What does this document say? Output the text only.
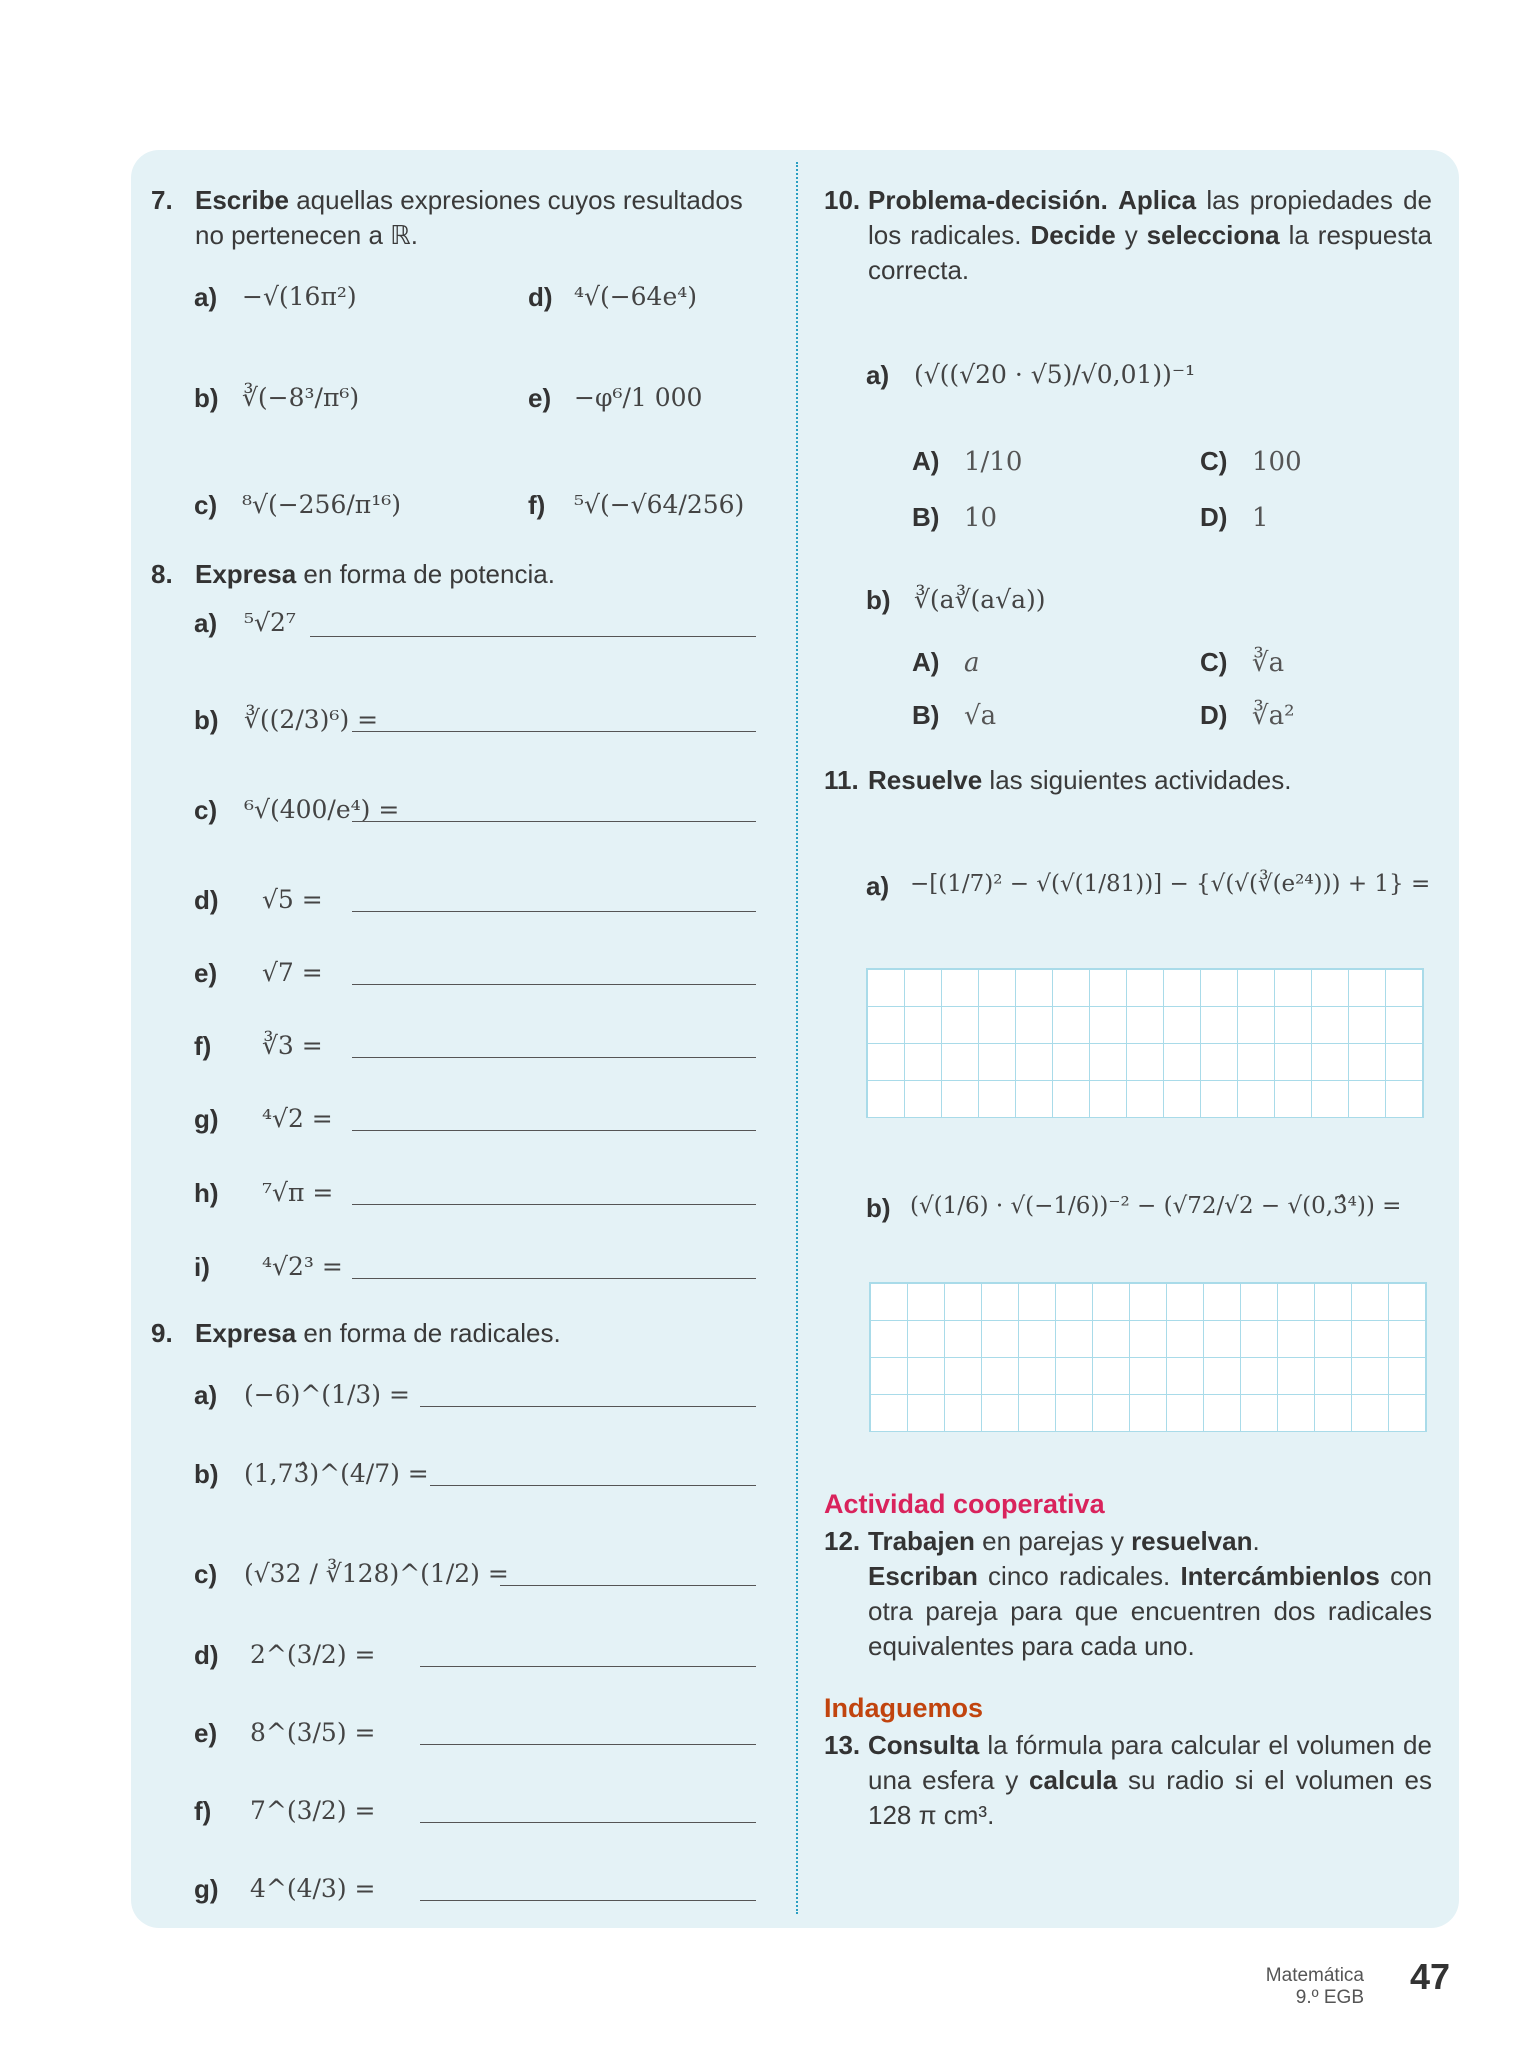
7. Escribe aquellas expresiones cuyos resultados no pertenecen a ℝ.
a) −√(16π²)
b) ∛(−8³/π⁶)
c) ⁸√(−256/π¹⁶)
d) ⁴√(−64e⁴)
e) −φ⁶/1 000
f) ⁵√(−√64/256)
8. Expresa en forma de potencia.
a) ⁵√2⁷
b) ∛((2/3)⁶) =
c) ⁶√(400/e⁴) =
d) √5 =
e) √7 =
f) ∛3 =
g) ⁴√2 =
h) ⁷√π =
i) ⁴√2³ =
9. Expresa en forma de radicales.
a) (−6)^(1/3) =
b) (1,73̂)^(4/7) =
c) (√32 / ∛128)^(1/2) =
d) 2^(3/2) =
e) 8^(3/5) =
f) 7^(3/2) =
g) 4^(4/3) =
10. Problema-decisión. Aplica las propiedades de los radicales. Decide y selecciona la respuesta correcta.
a) (√((√20 · √5)/√0,01))⁻¹
A) 1/10
B) 10
C) 100
D) 1
b) ∛(a∛(a√a))
A) a
B) √a
C) ∛a
D) ∛a²
11. Resuelve las siguientes actividades.
a) −[(1/7)² − √(√(1/81))] − {√(√(∛(e²⁴))) + 1} =
b) (√(1/6) · √(−1/6))⁻² − (√72/√2 − √(0,3̂⁴)) =
Actividad cooperativa
12. Trabajen en parejas y resuelvan.
Escriban cinco radicales. Intercámbienlos con otra pareja para que encuentren dos radicales equivalentes para cada uno.
Indaguemos
13. Consulta la fórmula para calcular el volumen de una esfera y calcula su radio si el volumen es 128 π cm³.
Matemática
9.º EGB
47
